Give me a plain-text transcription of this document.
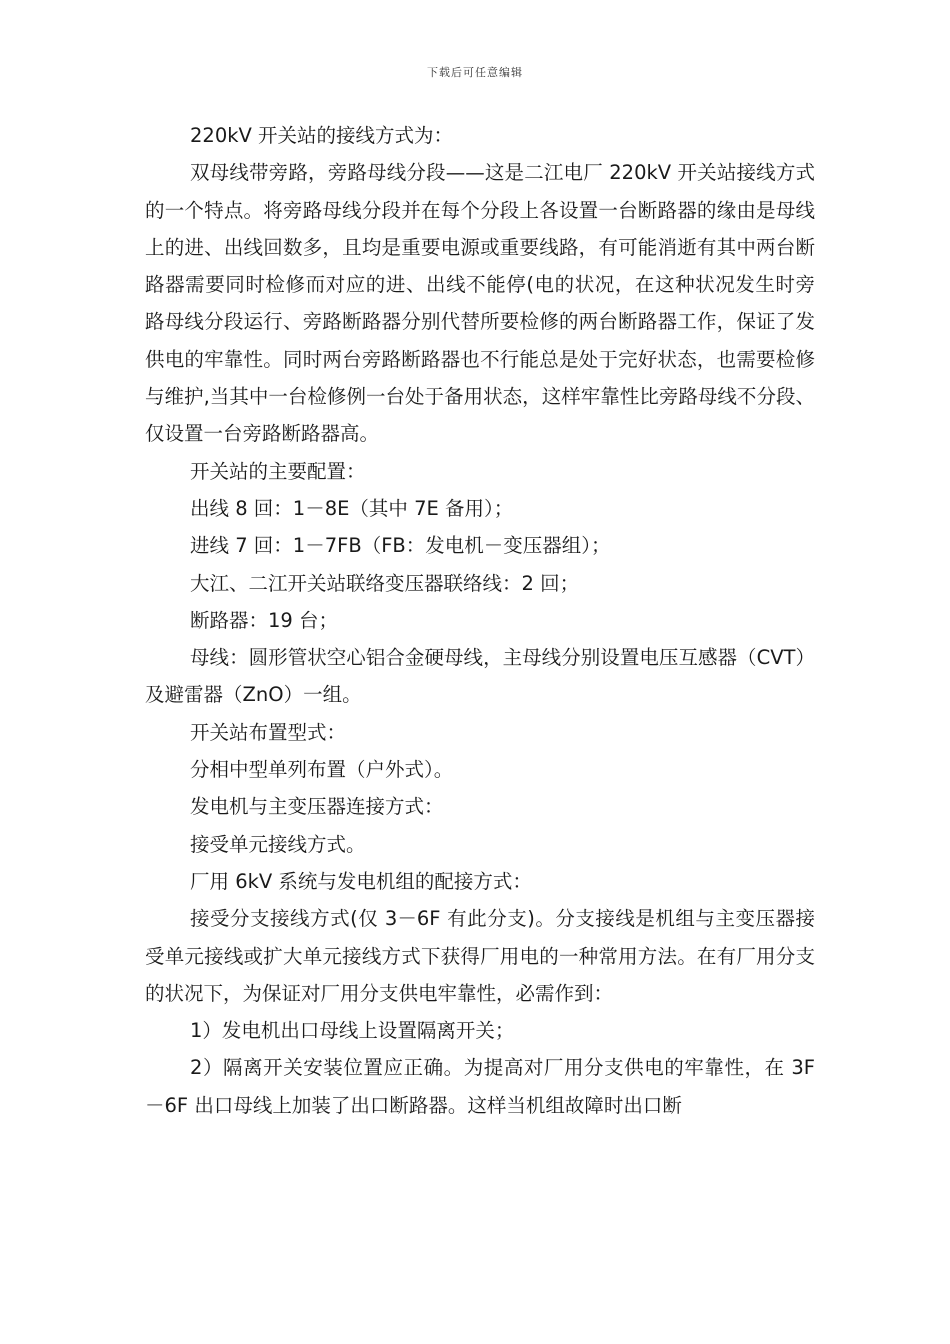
下载后可任意编辑

220kV 开关站的接线方式为：

双母线带旁路，旁路母线分段——这是二江电厂 220kV 开关站接线方式的一个特点。将旁路母线分段并在每个分段上各设置一台断路器的缘由是母线上的进、出线回数多，且均是重要电源或重要线路，有可能消逝有其中两台断路器需要同时检修而对应的进、出线不能停(电的状况，在这种状况发生时旁路母线分段运行、旁路断路器分别代替所要检修的两台断路器工作，保证了发供电的牢靠性。同时两台旁路断路器也不行能总是处于完好状态，也需要检修与维护,当其中一台检修例一台处于备用状态，这样牢靠性比旁路母线不分段、仅设置一台旁路断路器高。

开关站的主要配置：

出线 8 回：1－8E（其中 7E 备用）；

进线 7 回：1－7FB（FB：发电机－变压器组）；

大江、二江开关站联络变压器联络线：2 回；

断路器：19 台；

母线：圆形管状空心铝合金硬母线，主母线分别设置电压互感器（CVT）及避雷器（ZnO）一组。

开关站布置型式：

分相中型单列布置（户外式）。

发电机与主变压器连接方式：

接受单元接线方式。

厂用 6kV 系统与发电机组的配接方式：

接受分支接线方式(仅 3－6F 有此分支)。分支接线是机组与主变压器接受单元接线或扩大单元接线方式下获得厂用电的一种常用方法。在有厂用分支的状况下，为保证对厂用分支供电牢靠性，必需作到：

1）发电机出口母线上设置隔离开关；

2）隔离开关安装位置应正确。为提高对厂用分支供电的牢靠性，在 3F－6F 出口母线上加装了出口断路器。这样当机组故障时出口断
